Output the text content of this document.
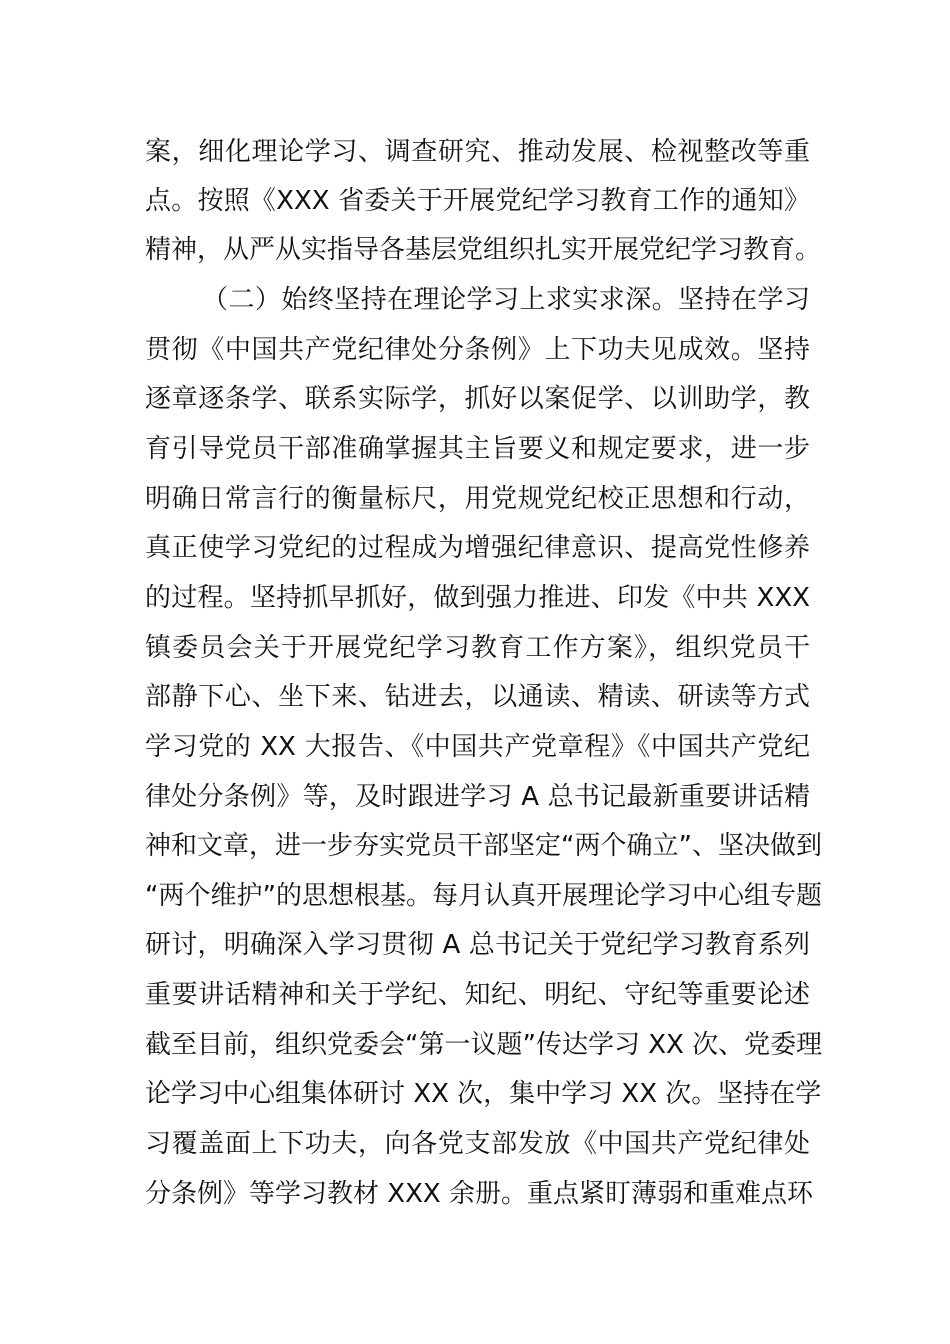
案，细化理论学习、调查研究、推动发展、检视整改等重
点。按照《XXX 省委关于开展党纪学习教育工作的通知》
精神，从严从实指导各基层党组织扎实开展党纪学习教育。
（二）始终坚持在理论学习上求实求深。坚持在学习
贯彻《中国共产党纪律处分条例》上下功夫见成效。坚持
逐章逐条学、联系实际学，抓好以案促学、以训助学，教
育引导党员干部准确掌握其主旨要义和规定要求，进一步
明确日常言行的衡量标尺，用党规党纪校正思想和行动，
真正使学习党纪的过程成为增强纪律意识、提高党性修养
的过程。坚持抓早抓好，做到强力推进、印发《中共 XXX
镇委员会关于开展党纪学习教育工作方案》，组织党员干
部静下心、坐下来、钻进去，以通读、精读、研读等方式
学习党的 XX 大报告、《中国共产党章程》《中国共产党纪
律处分条例》等，及时跟进学习 A 总书记最新重要讲话精
神和文章，进一步夯实党员干部坚定“两个确立”、坚决做到
“两个维护”的思想根基。每月认真开展理论学习中心组专题
研讨，明确深入学习贯彻 A 总书记关于党纪学习教育系列
重要讲话精神和关于学纪、知纪、明纪、守纪等重要论述
截至目前，组织党委会“第一议题”传达学习 XX 次、党委理
论学习中心组集体研讨 XX 次，集中学习 XX 次。坚持在学
习覆盖面上下功夫，向各党支部发放《中国共产党纪律处
分条例》等学习教材 XXX 余册。重点紧盯薄弱和重难点环
